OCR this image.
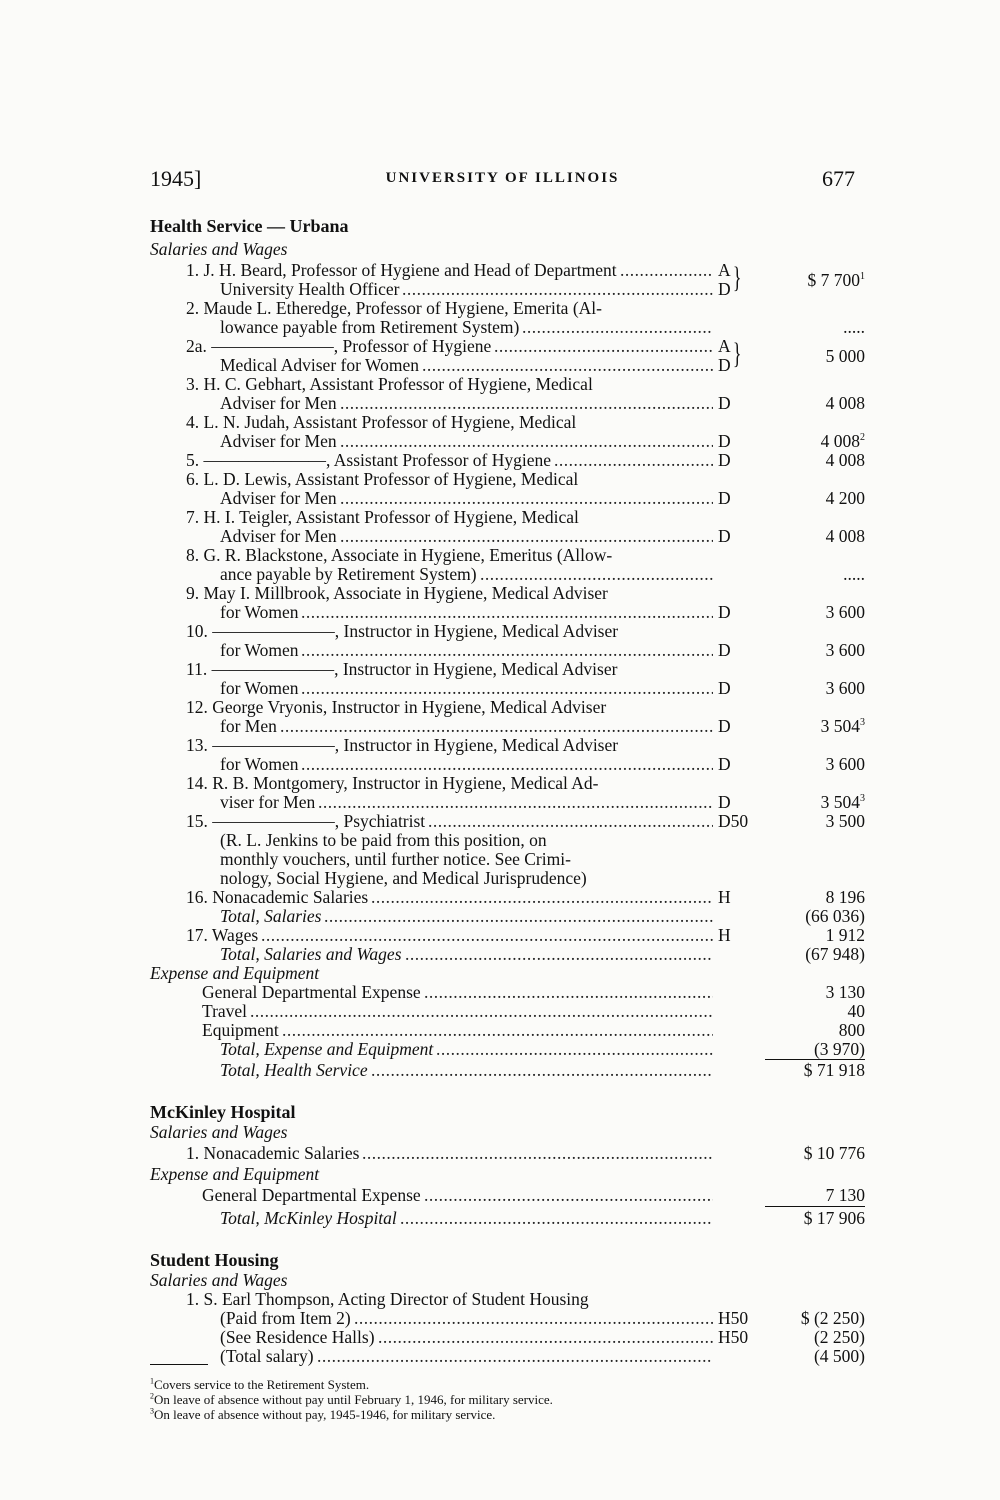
1945]	UNIVERSITY OF ILLINOIS	677
Health Service — Urbana
Salaries and Wages
1. J. H. Beard, Professor of Hygiene and Head of Department .....	A }	$ 7 $700^1$
University Health Officer .....	D
2. Maude L. Etheredge, Professor of Hygiene, Emerita (Al-
lowance payable from Retirement System) .....	.....
2a. ———————, Professor of Hygiene .....	A }	5 000
Medical Adviser for Women .....	D
3. H. C. Gebhart, Assistant Professor of Hygiene, Medical
Adviser for Men .....	D	4 008
4. L. N. Judah, Assistant Professor of Hygiene, Medical
Adviser for Men .....	D	4 $008^2$
5. ———————, Assistant Professor of Hygiene .....	D	4 008
6. L. D. Lewis, Assistant Professor of Hygiene, Medical
Adviser for Men .....	D	4 200
7. H. I. Teigler, Assistant Professor of Hygiene, Medical
Adviser for Men .....	D	4 008
8. G. R. Blackstone, Associate in Hygiene, Emeritus (Allow-
ance payable by Retirement System) .....	.....
9. May I. Millbrook, Associate in Hygiene, Medical Adviser
for Women .....	D	3 600
10. ———————, Instructor in Hygiene, Medical Adviser
for Women .....	D	3 600
11. ———————, Instructor in Hygiene, Medical Adviser
for Women .....	D	3 600
12. George Vryonis, Instructor in Hygiene, Medical Adviser
for Men .....	D	3 $504^3$
13. ———————, Instructor in Hygiene, Medical Adviser
for Women .....	D	3 600
14. R. B. Montgomery, Instructor in Hygiene, Medical Ad-
viser for Men .....	D	3 $504^3$
15. ———————, Psychiatrist .....	D50	3 500
(R. L. Jenkins to be paid from this position, on
monthly vouchers, until further notice. See Crimi-
nology, Social Hygiene, and Medical Jurisprudence)
16. Nonacademic Salaries .....	H	8 196
Total, Salaries .....	(66 036)
17. Wages .....	H	1 912
Total, Salaries and Wages .....	(67 948)
Expense and Equipment
General Departmental Expense .....	3 130
Travel .....	40
Equipment .....	800
Total, Expense and Equipment .....	(3 970)
Total, Health Service .....	$ 71 918
McKinley Hospital
Salaries and Wages
1. Nonacademic Salaries .....	$ 10 776
Expense and Equipment
General Departmental Expense .....	7 130
Total, McKinley Hospital .....	$ 17 906
Student Housing
Salaries and Wages
1. S. Earl Thompson, Acting Director of Student Housing
(Paid from Item 2) .....	H50	$ (2 250)
(See Residence Halls) .....	H50	(2 250)
(Total salary) .....	(4 500)
$^1$Covers service to the Retirement System.
$^2$On leave of absence without pay until February 1, 1946, for military service.
$^3$On leave of absence without pay, 1945-1946, for military service.
